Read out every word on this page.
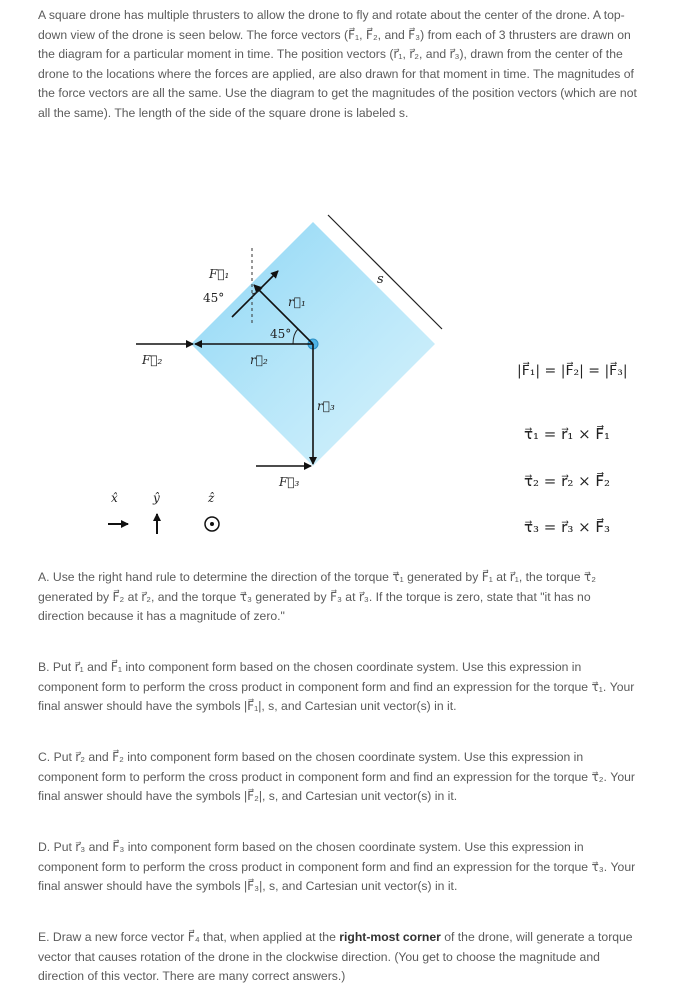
A square drone has multiple thrusters to allow the drone to fly and rotate about the center of the drone. A top-down view of the drone is seen below. The force vectors (F⃗₁, F⃗₂, and F⃗₃) from each of 3 thrusters are drawn on the diagram for a particular moment in time. The position vectors (r⃗₁, r⃗₂, and r⃗₃), drawn from the center of the drone to the locations where the forces are applied, are also drawn for that moment in time. The magnitudes of the force vectors are all the same. Use the diagram to get the magnitudes of the position vectors (which are not all the same). The length of the side of the square drone is labeled s.

s
F⃗₁
45°	r⃗₁
45°
F⃗₂	r⃗₂
r⃗₃
F⃗₃
x̂	ŷ	ẑ
|F⃗₁| = |F⃗₂| = |F⃗₃|
τ⃗₁ = r⃗₁ × F⃗₁
τ⃗₂ = r⃗₂ × F⃗₂
τ⃗₃ = r⃗₃ × F⃗₃

A. Use the right hand rule to determine the direction of the torque τ⃗₁ generated by F⃗₁ at r⃗₁, the torque τ⃗₂ generated by F⃗₂ at r⃗₂, and the torque τ⃗₃ generated by F⃗₃ at r⃗₃. If the torque is zero, state that "it has no direction because it has a magnitude of zero."

B. Put r⃗₁ and F⃗₁ into component form based on the chosen coordinate system. Use this expression in component form to perform the cross product in component form and find an expression for the torque τ⃗₁. Your final answer should have the symbols |F⃗₁|, s, and Cartesian unit vector(s) in it.

C. Put r⃗₂ and F⃗₂ into component form based on the chosen coordinate system. Use this expression in component form to perform the cross product in component form and find an expression for the torque τ⃗₂. Your final answer should have the symbols |F⃗₂|, s, and Cartesian unit vector(s) in it.

D. Put r⃗₃ and F⃗₃ into component form based on the chosen coordinate system. Use this expression in component form to perform the cross product in component form and find an expression for the torque τ⃗₃. Your final answer should have the symbols |F⃗₃|, s, and Cartesian unit vector(s) in it.

E. Draw a new force vector F⃗₄ that, when applied at the right-most corner of the drone, will generate a torque vector that causes rotation of the drone in the clockwise direction. (You get to choose the magnitude and direction of this vector. There are many correct answers.)
